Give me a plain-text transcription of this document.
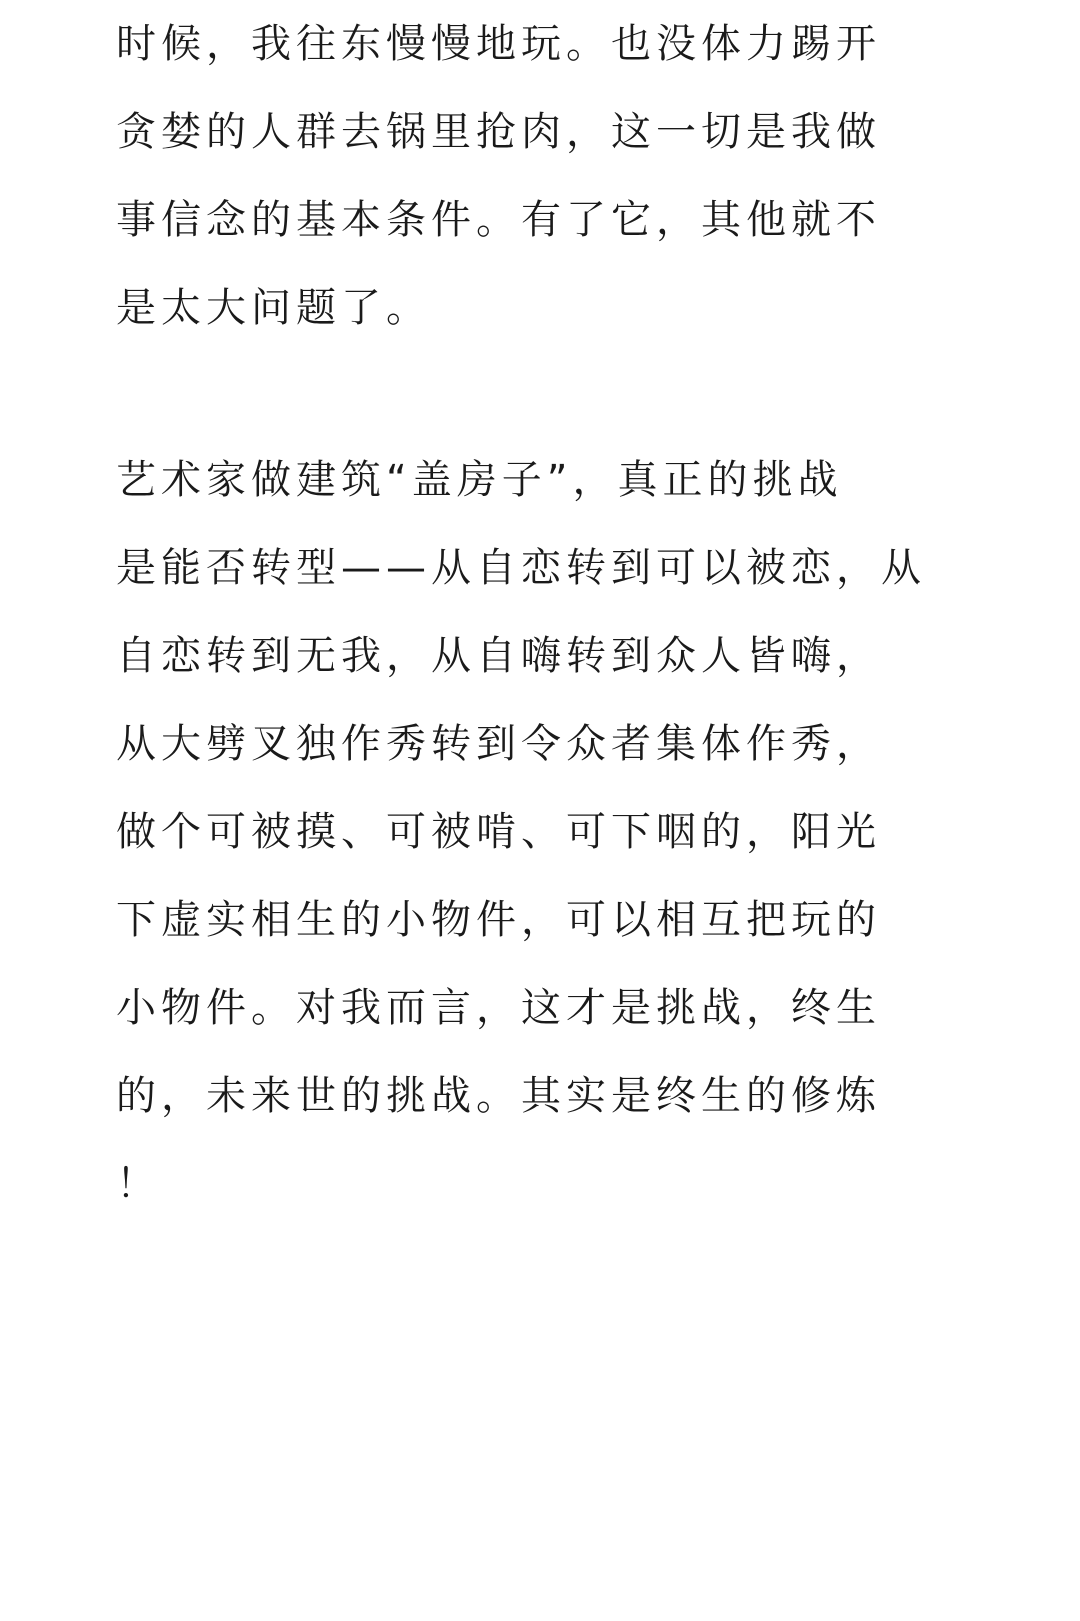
时候，我往东慢慢地玩。也没体力踢开
贪婪的人群去锅里抢肉，这一切是我做
事信念的基本条件。有了它，其他就不
是太大问题了。
艺术家做建筑“盖房子”，真正的挑战
是能否转型——从自恋转到可以被恋，从
自恋转到无我，从自嗨转到众人皆嗨，
从大劈叉独作秀转到令众者集体作秀，
做个可被摸、可被啃、可下咽的，阳光
下虚实相生的小物件，可以相互把玩的
小物件。对我而言，这才是挑战，终生
的，未来世的挑战。其实是终生的修炼
！
